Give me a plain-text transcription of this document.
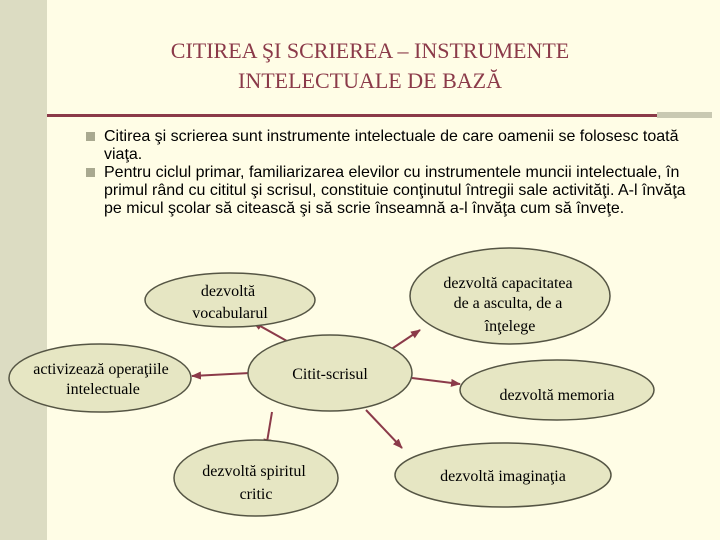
CITIREA ŞI SCRIEREA – INSTRUMENTE
INTELECTUALE DE BAZĂ

Citirea şi scrierea sunt instrumente intelectuale de care oamenii se folosesc toată viaţa.

Pentru ciclul primar, familiarizarea elevilor cu instrumentele muncii intelectuale, în primul rând cu cititul şi scrisul, constituie conţinutul întregii sale activităţi. A-l învăţa pe micul şcolar să citească şi să scrie înseamnă a-l învăţa cum să înveţe.

dezvoltă vocabularul
dezvoltă capacitatea de a asculta, de a înţelege
activizează operaţiile intelectuale
Citit-scrisul
dezvoltă memoria
dezvoltă spiritul critic
dezvoltă imaginaţia
